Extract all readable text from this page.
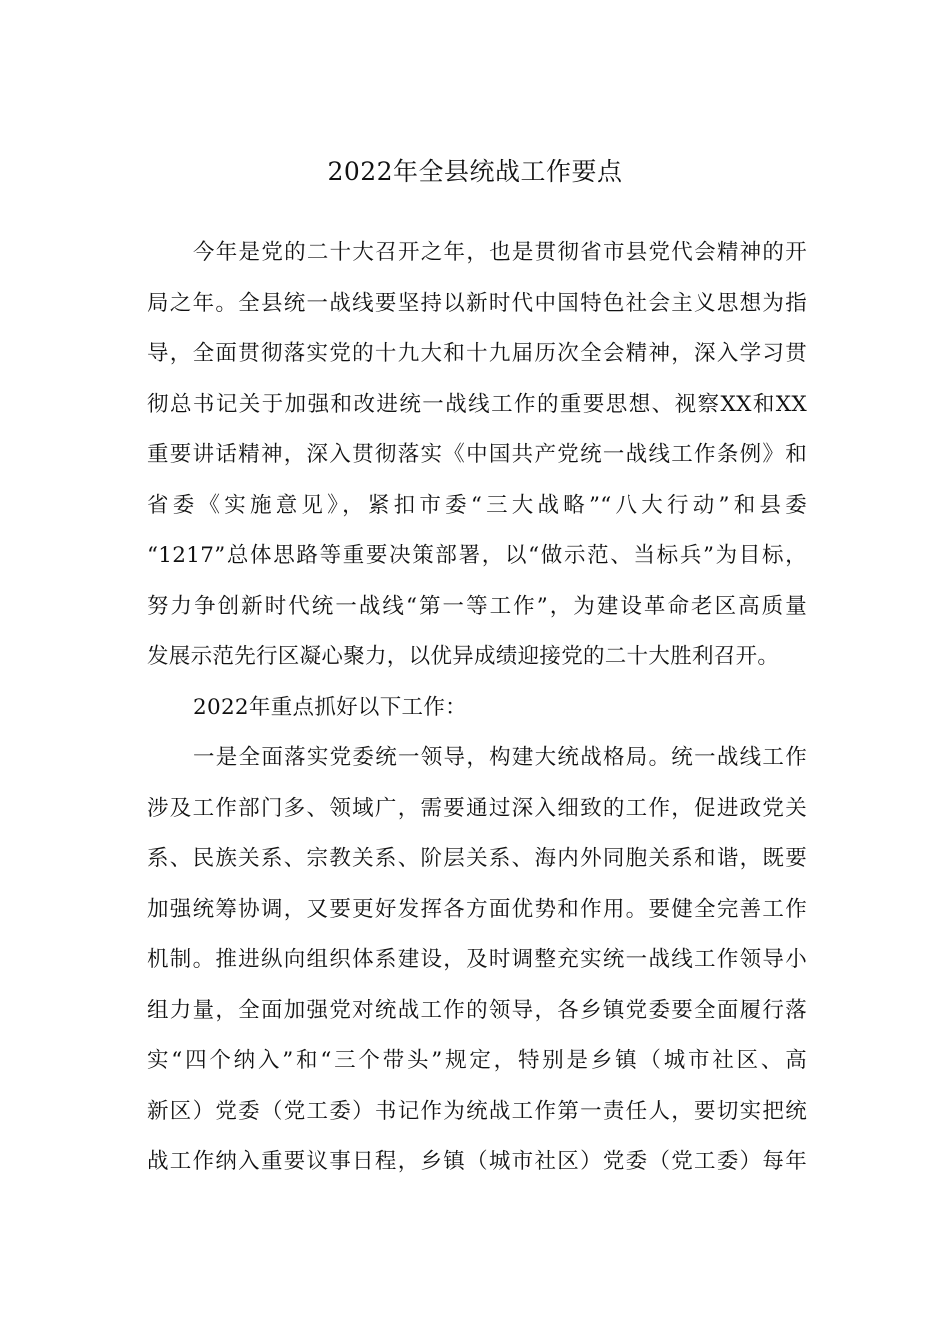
2022年全县统战工作要点
今年是党的二十大召开之年，也是贯彻省市县党代会精神的开
局之年。全县统一战线要坚持以新时代中国特色社会主义思想为指
导，全面贯彻落实党的十九大和十九届历次全会精神，深入学习贯
彻总书记关于加强和改进统一战线工作的重要思想、视察XX和XX
重要讲话精神，深入贯彻落实《中国共产党统一战线工作条例》和
省委《实施意见》，紧扣市委“三大战略”“八大行动”和县委
“1217”总体思路等重要决策部署，以“做示范、当标兵”为目标，
努力争创新时代统一战线“第一等工作”，为建设革命老区高质量
发展示范先行区凝心聚力，以优异成绩迎接党的二十大胜利召开。
2022年重点抓好以下工作：
一是全面落实党委统一领导，构建大统战格局。统一战线工作
涉及工作部门多、领域广，需要通过深入细致的工作，促进政党关
系、民族关系、宗教关系、阶层关系、海内外同胞关系和谐，既要
加强统筹协调，又要更好发挥各方面优势和作用。要健全完善工作
机制。推进纵向组织体系建设，及时调整充实统一战线工作领导小
组力量，全面加强党对统战工作的领导，各乡镇党委要全面履行落
实“四个纳入”和“三个带头”规定，特别是乡镇（城市社区、高
新区）党委（党工委）书记作为统战工作第一责任人，要切实把统
战工作纳入重要议事日程，乡镇（城市社区）党委（党工委）每年
